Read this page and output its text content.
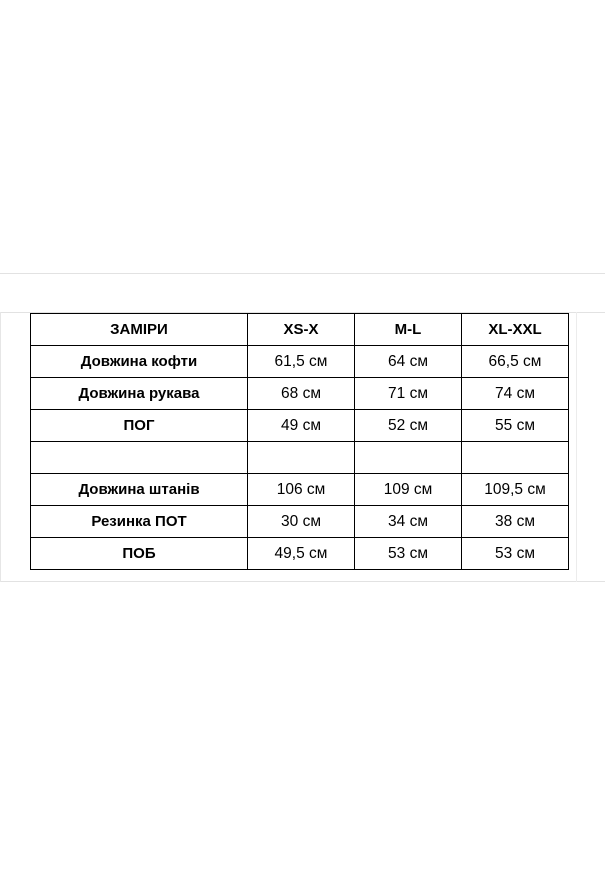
ЗАМІРИ	XS-X	M-L	XL-XXL
Довжина кофти	61,5 см	64 см	66,5 см
Довжина рукава	68 см	71 см	74 см
ПОГ	49 см	52 см	55 см

Довжина штанів	106 см	109 см	109,5 см
Резинка ПОТ	30 см	34 см	38 см
ПОБ	49,5 см	53 см	53 см
